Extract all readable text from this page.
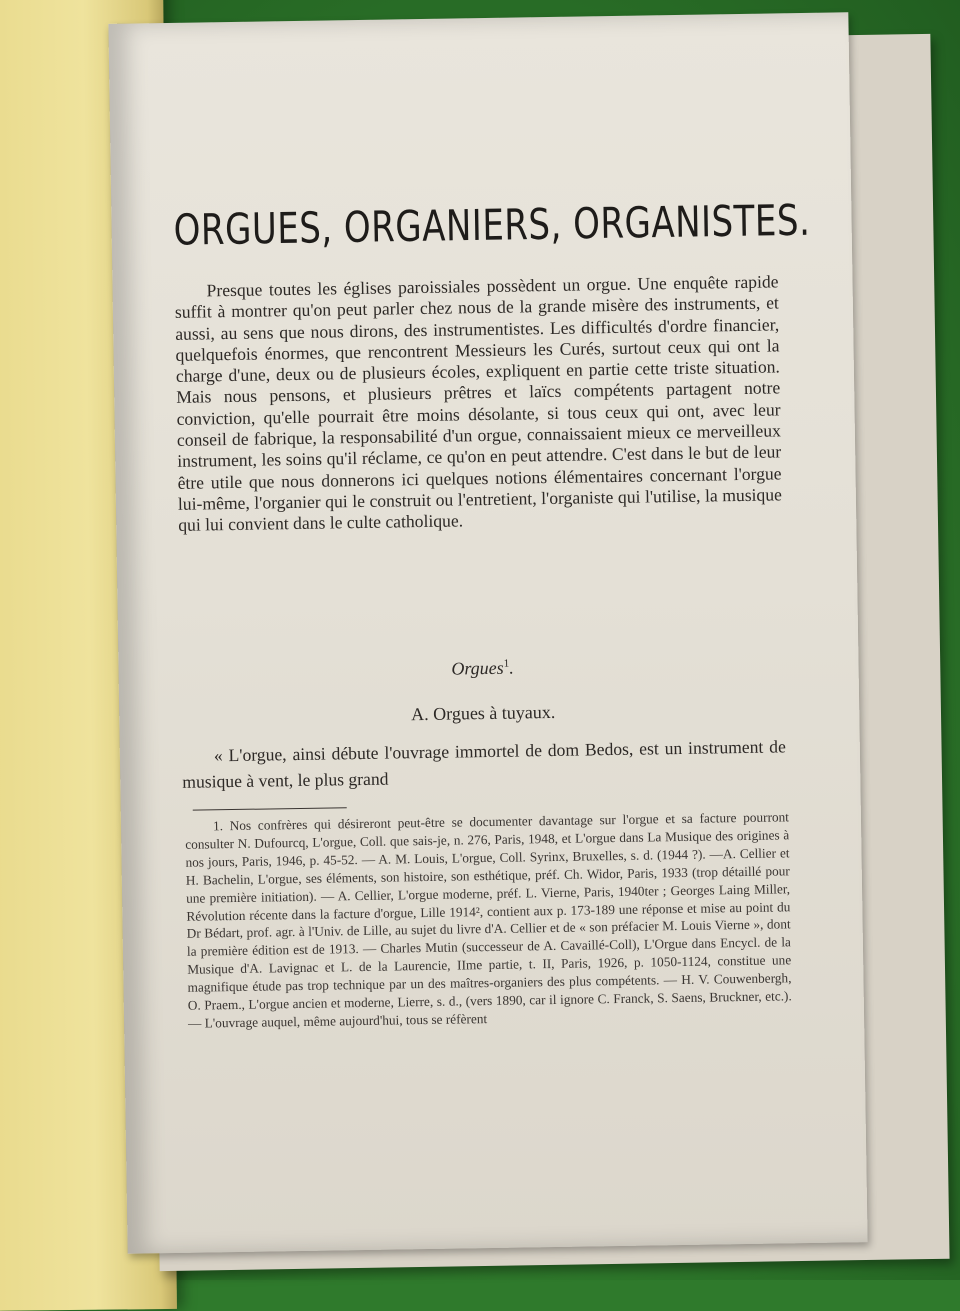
ORGUES, ORGANIERS, ORGANISTES.

Presque toutes les églises paroissiales possèdent un orgue. Une enquête rapide suffit à montrer qu'on peut parler chez nous de la grande misère des instruments, et aussi, au sens que nous dirons, des instrumentistes. Les difficultés d'ordre financier, quelquefois énormes, que rencontrent Messieurs les Curés, surtout ceux qui ont la charge d'une, deux ou de plusieurs écoles, expliquent en partie cette triste situation. Mais nous pensons, et plusieurs prêtres et laïcs compétents partagent notre conviction, qu'elle pourrait être moins désolante, si tous ceux qui ont, avec leur conseil de fabrique, la responsabilité d'un orgue, connaissaient mieux ce merveilleux instrument, les soins qu'il réclame, ce qu'on en peut attendre. C'est dans le but de leur être utile que nous donnerons ici quelques notions élémentaires concernant l'orgue lui-même, l'organier qui le construit ou l'entretient, l'organiste qui l'utilise, la musique qui lui convient dans le culte catholique.

​

Orgues$^1$.

A. Orgues à tuyaux.

« L'orgue, ainsi débute l'ouvrage immortel de dom Bedos, est un instrument de musique à vent, le plus grand

1. Nos confrères qui désireront peut-être se documenter davantage sur l'orgue et sa facture pourront consulter N. Dufourcq, L'orgue, Coll. que sais-je, n. 276, Paris, 1948, et L'orgue dans La Musique des origines à nos jours, Paris, 1946, p. 45-52. — A. M. Louis, L'orgue, Coll. Syrinx, Bruxelles, s. d. (1944 ?). —A. Cellier et H. Bachelin, L'orgue, ses éléments, son histoire, son esthétique, préf. Ch. Widor, Paris, 1933 (trop détaillé pour une première initiation). — A. Cellier, L'orgue moderne, préf. L. Vierne, Paris, 1940ter ; Georges Laing Miller, Révolution récente dans la facture d'orgue, Lille 1914², contient aux p. 173-189 une réponse et mise au point du Dr Bédart, prof. agr. à l'Univ. de Lille, au sujet du livre d'A. Cellier et de « son préfacier M. Louis Vierne », dont la première édition est de 1913. — Charles Mutin (successeur de A. Cavaillé-Coll), L'Orgue dans Encycl. de la Musique d'A. Lavignac et L. de la Laurencie, IIme partie, t. II, Paris, 1926, p. 1050-1124, constitue une magnifique étude pas trop technique par un des maîtres-organiers des plus compétents. — H. V. Couwenbergh, O. Praem., L'orgue ancien et moderne, Lierre, s. d., (vers 1890, car il ignore C. Franck, S. Saens, Bruckner, etc.). — L'ouvrage auquel, même aujourd'hui, tous se réfèrent
